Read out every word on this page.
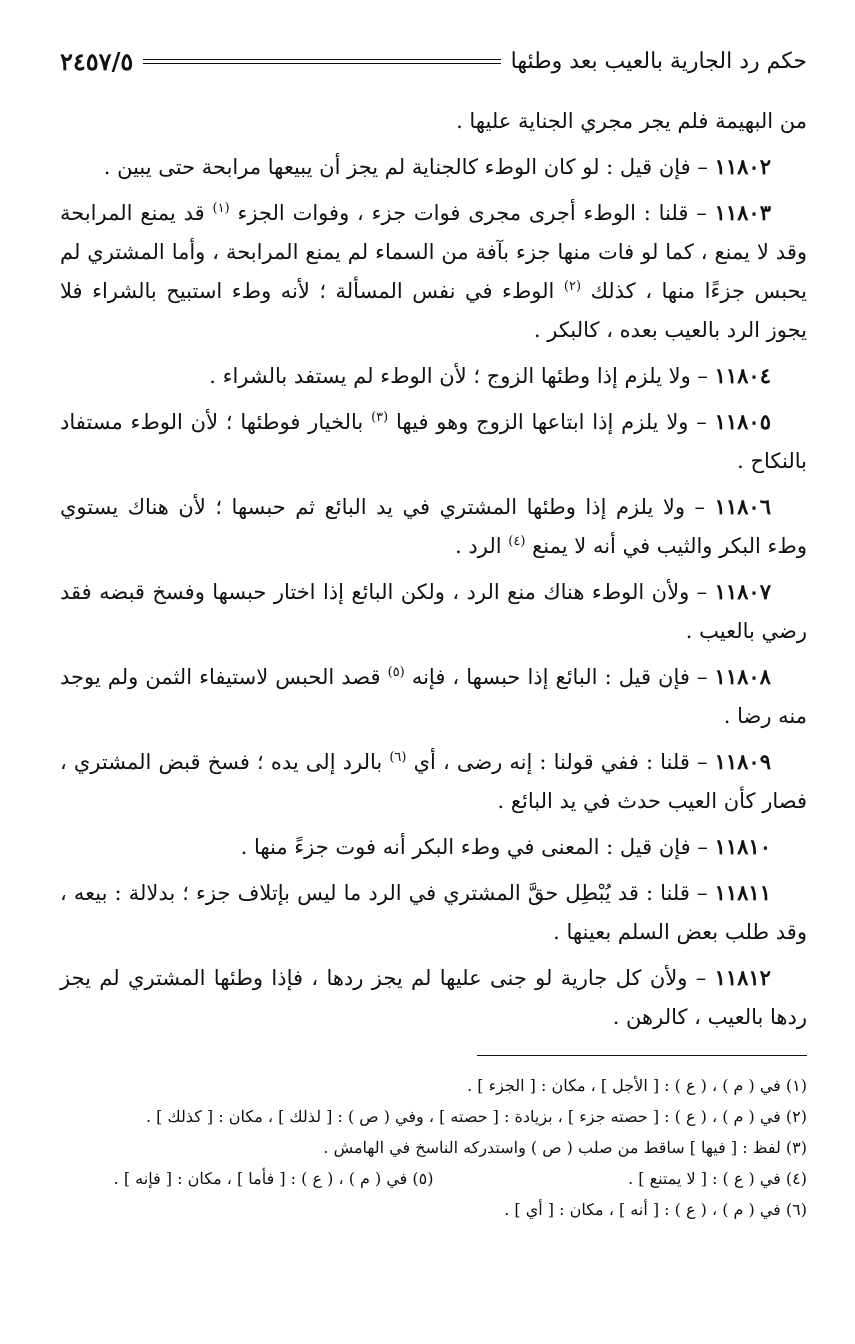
حكم رد الجارية بالعيب بعد وطئها
٢٤٥٧/٥

من البهيمة فلم يجر مجري الجناية عليها .

١١٨٠٢ – فإن قيل : لو كان الوطء كالجناية لم يجز أن يبيعها مرابحة حتى يبين .

١١٨٠٣ – قلنا : الوطء أجرى مجرى فوات جزء ، وفوات الجزء $^{(١)}$ قد يمنع المرابحة وقد لا يمنع ، كما لو فات منها جزء بآفة من السماء لم يمنع المرابحة ، وأما المشتري لم يحبس جزءًا منها ، كذلك $^{(٢)}$ الوطء في نفس المسألة ؛ لأنه وطء استبيح بالشراء فلا يجوز الرد بالعيب بعده ، كالبكر .

١١٨٠٤ – ولا يلزم إذا وطئها الزوج ؛ لأن الوطء لم يستفد بالشراء .

١١٨٠٥ – ولا يلزم إذا ابتاعها الزوج وهو فيها $^{(٣)}$ بالخيار فوطئها ؛ لأن الوطء مستفاد بالنكاح .

١١٨٠٦ – ولا يلزم إذا وطئها المشتري في يد البائع ثم حبسها ؛ لأن هناك يستوي وطء البكر والثيب في أنه لا يمنع $^{(٤)}$ الرد .

١١٨٠٧ – ولأن الوطء هناك منع الرد ، ولكن البائع إذا اختار حبسها وفسخ قبضه فقد رضي بالعيب .

١١٨٠٨ – فإن قيل : البائع إذا حبسها ، فإنه $^{(٥)}$ قصد الحبس لاستيفاء الثمن ولم يوجد منه رضا .

١١٨٠٩ – قلنا : ففي قولنا : إنه رضى ، أي $^{(٦)}$ بالرد إلى يده ؛ فسخ قبض المشتري ، فصار كأن العيب حدث في يد البائع .

١١٨١٠ – فإن قيل : المعنى في وطء البكر أنه فوت جزءً منها .

١١٨١١ – قلنا : قد يُبْطِل حقَّ المشتري في الرد ما ليس بإتلاف جزء ؛ بدلالة : بيعه ، وقد طلب بعض السلم بعينها .

١١٨١٢ – ولأن كل جارية لو جنى عليها لم يجز ردها ، فإذا وطئها المشتري لم يجز ردها بالعيب ، كالرهن .

(١) في ( م ) ، ( ع ) : [ الأجل ] ، مكان : [ الجزء ] .
(٢) في ( م ) ، ( ع ) : [ حصته جزء ] ، بزيادة : [ حصته ] ، وفي ( ص ) : [ لذلك ] ، مكان : [ كذلك ] .
(٣) لفظ : [ فيها ] ساقط من صلب ( ص ) واستدركه الناسخ في الهامش .
(٤) في ( ع ) : [ لا يمتنع ] .
(٥) في ( م ) ، ( ع ) : [ فأما ] ، مكان : [ فإنه ] .
(٦) في ( م ) ، ( ع ) : [ أنه ] ، مكان : [ أي ] .
